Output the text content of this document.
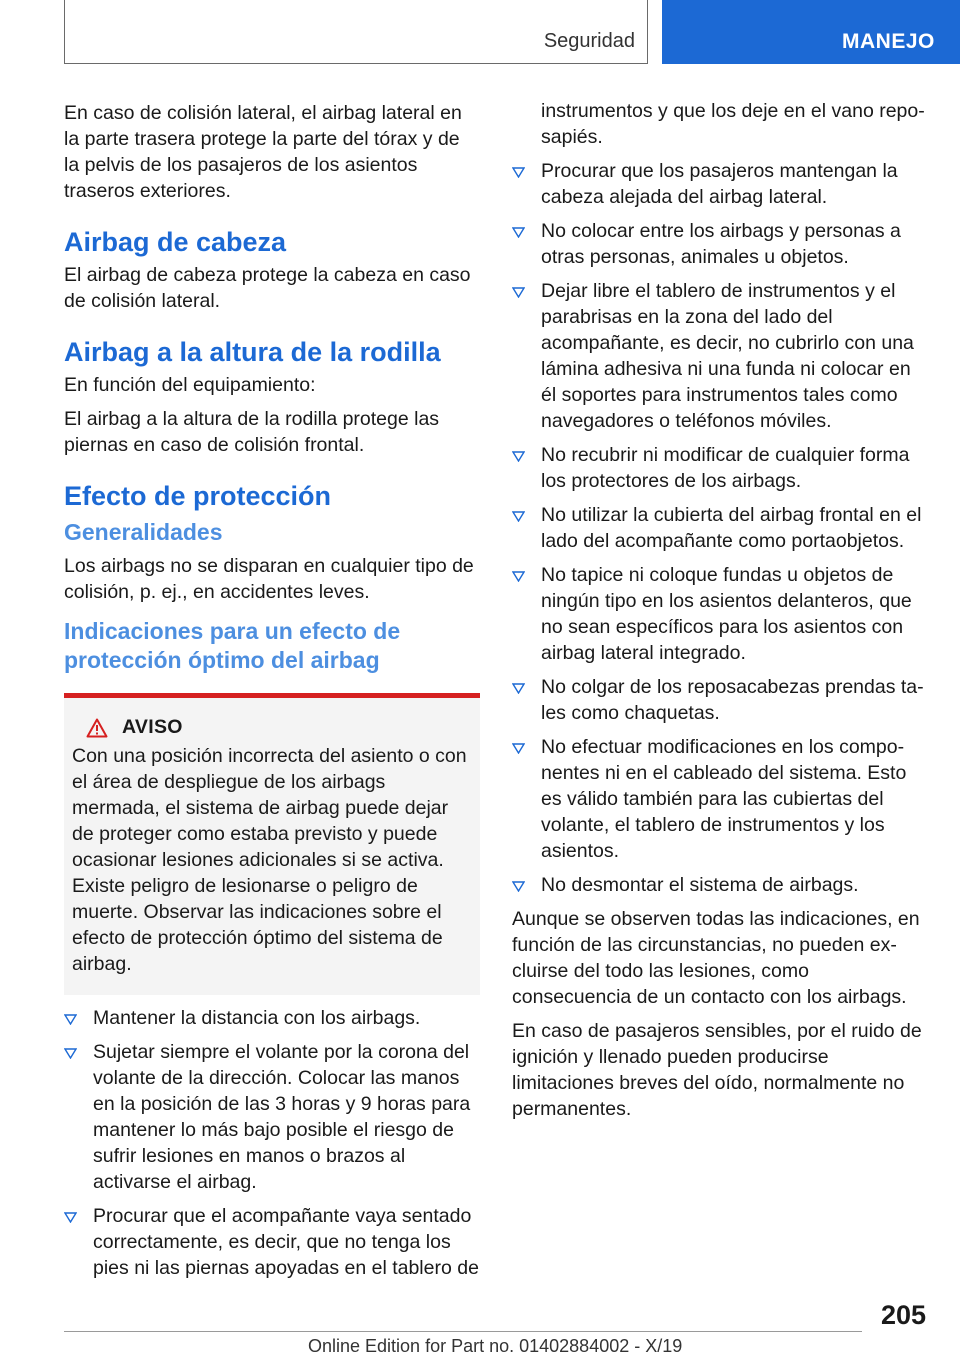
Seguridad	MANEJO

En caso de colisión lateral, el airbag lateral en la parte trasera protege la parte del tórax y de la pelvis de los pasajeros de los asientos traseros exteriores.

Airbag de cabeza

El airbag de cabeza protege la cabeza en caso de colisión lateral.

Airbag a la altura de la rodilla

En función del equipamiento:

El airbag a la altura de la rodilla protege las piernas en caso de colisión frontal.

Efecto de protección
Generalidades

Los airbags no se disparan en cualquier tipo de colisión, p. ej., en accidentes leves.

Indicaciones para un efecto de protección óptimo del airbag
AVISO

Con una posición incorrecta del asiento o con el área de despliegue de los airbags mermada, el sistema de airbag puede dejar de proteger como estaba previsto y puede ocasionar lesiones adicionales si se activa. Existe peligro de lesionarse o peligro de muerte. Observar las indicaciones sobre el efecto de protección óptimo del sistema de airbag.

Mantener la distancia con los airbags.
Sujetar siempre el volante por la corona del volante de la dirección. Colocar las manos en la posición de las 3 horas y 9 horas para mantener lo más bajo posible el riesgo de sufrir lesiones en manos o brazos al activarse el airbag.
Procurar que el acompañante vaya sentado correctamente, es decir, que no tenga los pies ni las piernas apoyadas en el tablero de
instrumentos y que los deje en el vano reposapiés.
Procurar que los pasajeros mantengan la cabeza alejada del airbag lateral.
No colocar entre los airbags y personas a otras personas, animales u objetos.
Dejar libre el tablero de instrumentos y el parabrisas en la zona del lado del acompañante, es decir, no cubrirlo con una lámina adhesiva ni una funda ni colocar en él soportes para instrumentos tales como navegadores o teléfonos móviles.
No recubrir ni modificar de cualquier forma los protectores de los airbags.
No utilizar la cubierta del airbag frontal en el lado del acompañante como portaobjetos.
No tapice ni coloque fundas u objetos de ningún tipo en los asientos delanteros, que no sean específicos para los asientos con airbag lateral integrado.
No colgar de los reposacabezas prendas tales como chaquetas.
No efectuar modificaciones en los componentes ni en el cableado del sistema. Esto es válido también para las cubiertas del volante, el tablero de instrumentos y los asientos.
No desmontar el sistema de airbags.

Aunque se observen todas las indicaciones, en función de las circunstancias, no pueden excluirse del todo las lesiones, como consecuencia de un contacto con los airbags.

En caso de pasajeros sensibles, por el ruido de ignición y llenado pueden producirse limitaciones breves del oído, normalmente no permanentes.

205
Online Edition for Part no. 01402884002 - X/19
